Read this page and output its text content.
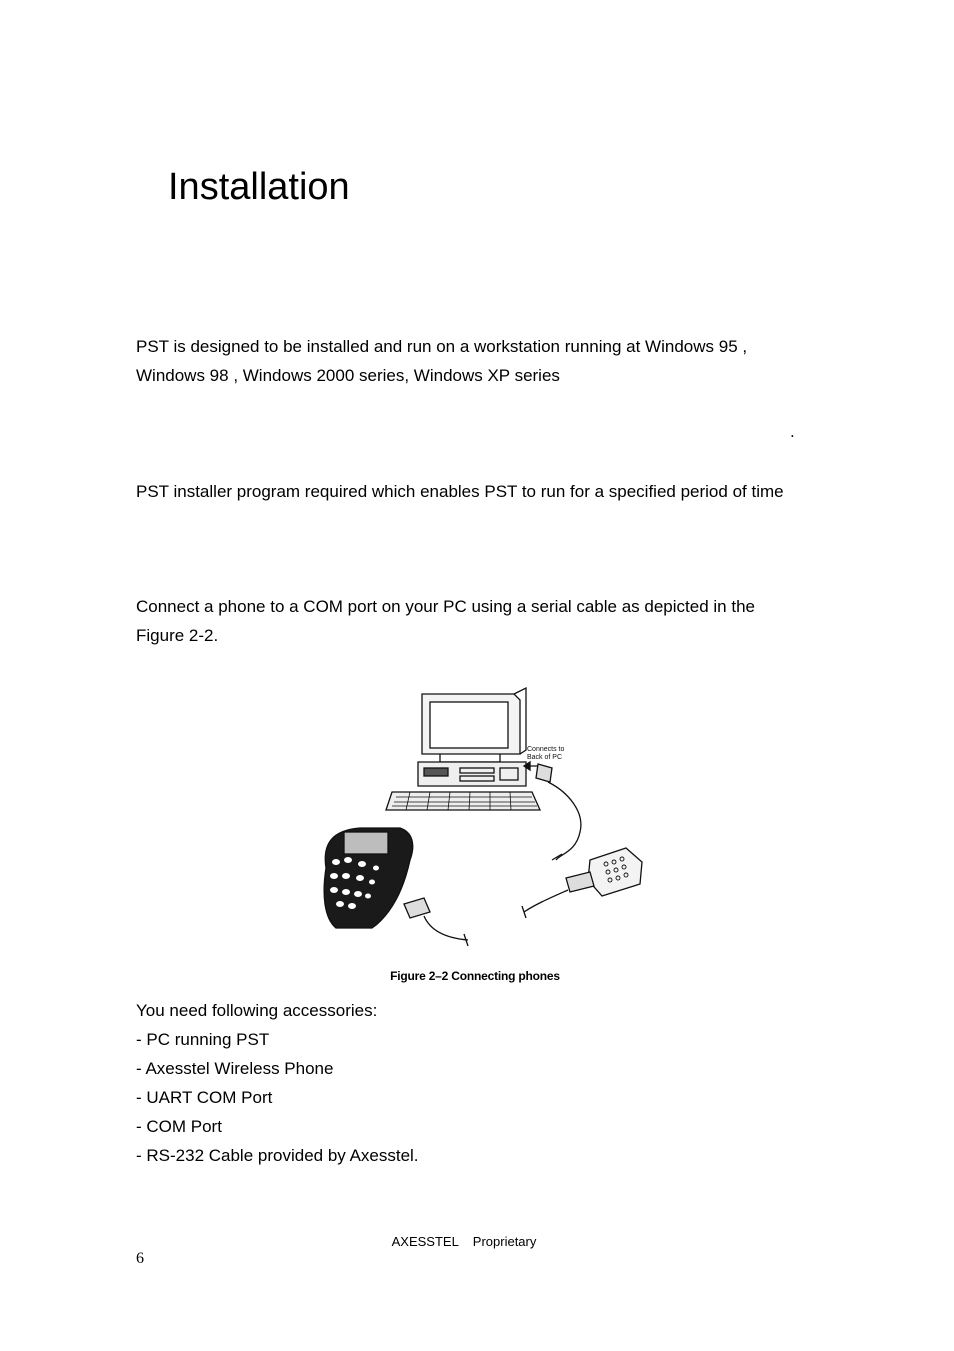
Installation

PST is designed to be installed and run on a workstation running at Windows 95 ,
Windows 98 , Windows 2000 series, Windows XP series

.

PST installer program required which enables PST to run for a specified period of time

Connect a phone to a COM port on your PC using a serial cable as depicted in the
Figure 2-2.

Connects to
Back of PC
Figure 2–2 Connecting phones
You need following accessories:
- PC running PST
- Axesstel Wireless Phone
- UART COM Port
- COM Port
- RS-232 Cable provided by Axesstel.
AXESSTEL    Proprietary
6
